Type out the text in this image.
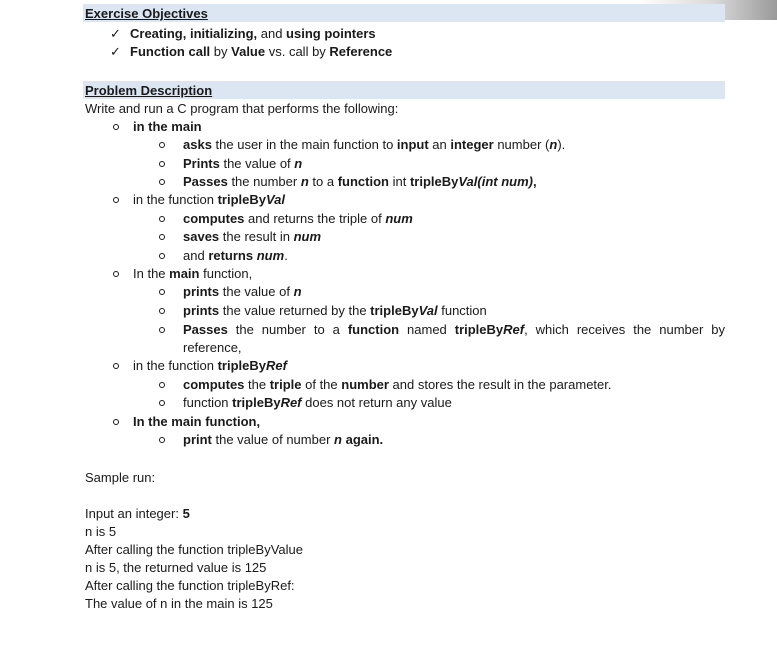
Exercise Objectives
✓ Creating, initializing, and using pointers
✓ Function call by Value vs. call by Reference
Problem Description
Write and run a C program that performs the following:
in the main
asks the user in the main function to input an integer number (n).
Prints the value of n
Passes the number n to a function int tripleByVal(int num),
in the function tripleByVal
computes and returns the triple of num
saves the result in num
and returns num.
In the main function,
prints the value of n
prints the value returned by the tripleByVal function
Passes the number to a function named tripleByRef, which receives the number by
reference,
in the function tripleByRef
computes the triple of the number and stores the result in the parameter.
function tripleByRef does not return any value
In the main function,
print the value of number n again.
Sample run:
Input an integer: 5
n is 5
After calling the function tripleByValue
n is 5, the returned value is 125
After calling the function tripleByRef:
The value of n in the main is 125
